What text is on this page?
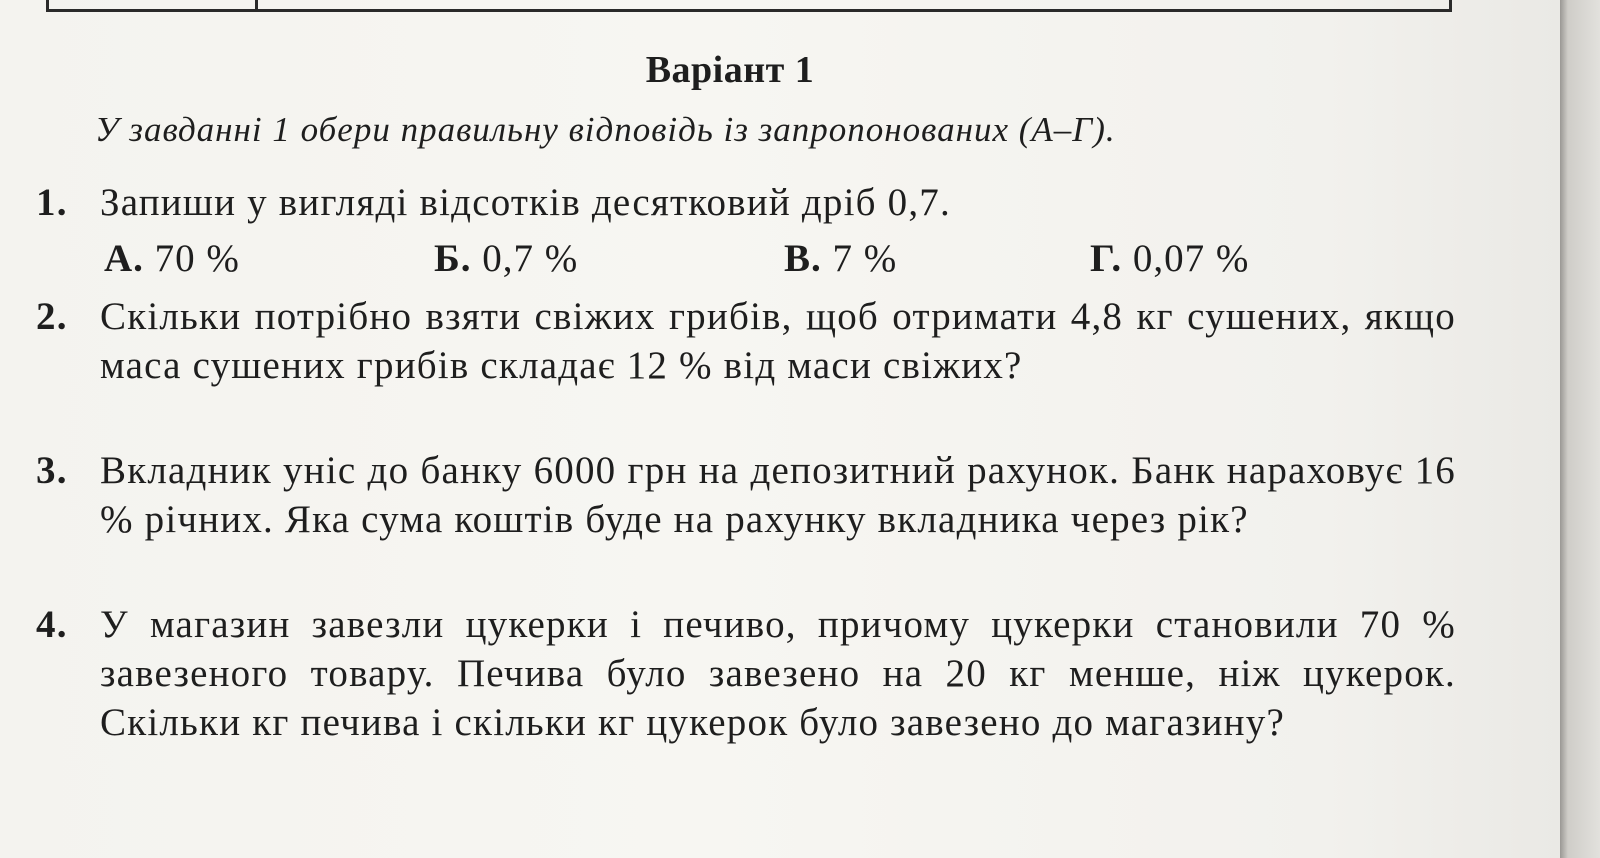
Варіант 1
У завданні 1 обери правильну відповідь із запропонованих (А–Г).
1. Запиши у вигляді відсотків десятковий дріб 0,7.
А. 70 %	Б. 0,7 %	В. 7 %	Г. 0,07 %
2. Скільки потрібно взяти свіжих грибів, щоб отримати 4,8 кг сушених, якщо маса сушених грибів складає 12 % від маси свіжих?
3. Вкладник уніс до банку 6000 грн на депозитний рахунок. Банк нараховує 16 % річних. Яка сума коштів буде на рахунку вкладника через рік?
4. У магазин завезли цукерки і печиво, причому цукерки становили 70 % завезеного товару. Печива було завезено на 20 кг менше, ніж цукерок. Скільки кг печива і скільки кг цукерок було завезено до магазину?
